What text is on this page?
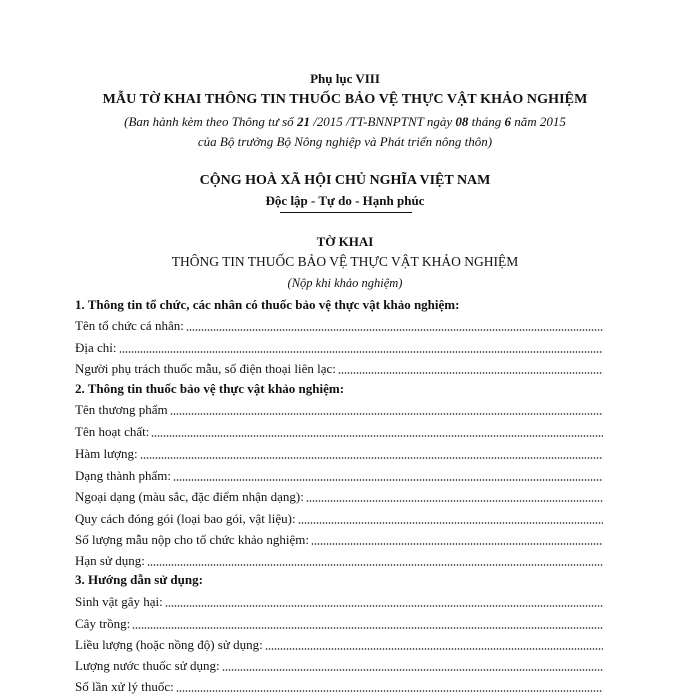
Phụ lục VIII
MẪU TỜ KHAI THÔNG TIN THUỐC BẢO VỆ THỰC VẬT KHẢO NGHIỆM
(Ban hành kèm theo Thông tư số 21 /2015 /TT-BNNPTNT ngày 08 tháng 6 năm 2015
của Bộ trưởng Bộ Nông nghiệp và Phát triển nông thôn)
CỘNG HOÀ XÃ HỘI CHỦ NGHĨA VIỆT NAM
Độc lập - Tự do - Hạnh phúc
TỜ KHAI
THÔNG TIN THUỐC BẢO VỆ THỰC VẬT KHẢO NGHIỆM
(Nộp khi khảo nghiệm)
1. Thông tin tổ chức, các nhân có thuốc bảo vệ thực vật khảo nghiệm:
Tên tổ chức cá nhân:
Địa chỉ:
Người phụ trách thuốc mẫu, số điện thoại liên lạc:
2. Thông tin thuốc bảo vệ thực vật khảo nghiệm:
Tên thương phẩm
Tên hoạt chất:
Hàm lượng:
Dạng thành phẩm:
Ngoại dạng (màu sắc, đặc điểm nhận dạng):
Quy cách đóng gói (loại bao gói, vật liệu):
Số lượng mẫu nộp cho tổ chức khảo nghiệm:
Hạn sử dụng:
3. Hướng dẫn sử dụng:
Sinh vật gây hại:
Cây trồng:
Liều lượng (hoặc nồng độ) sử dụng:
Lượng nước thuốc sử dụng:
Số lần xử lý thuốc:
